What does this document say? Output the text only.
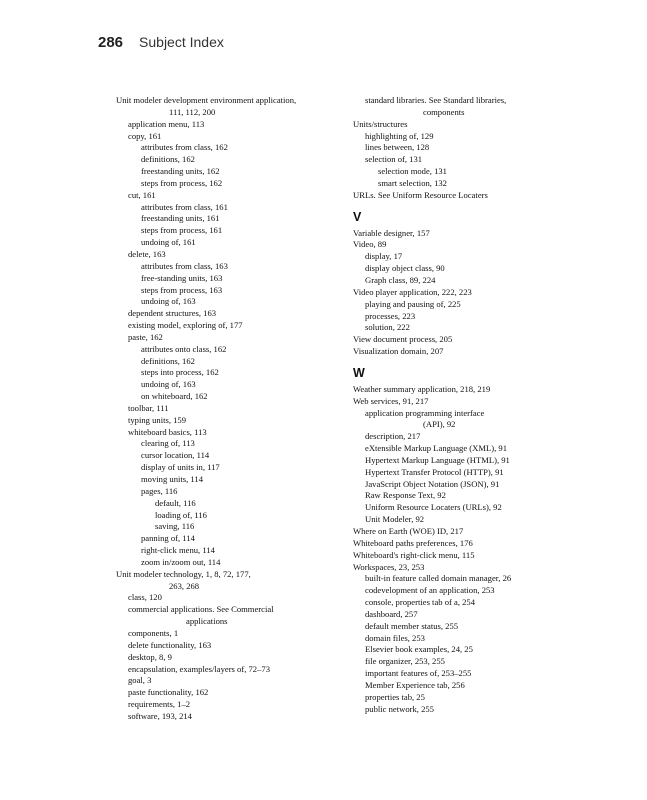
286 Subject Index

Unit modeler development environment application,

111, 112, 200

application menu, 113

copy, 161

attributes from class, 162

definitions, 162

freestanding units, 162

steps from process, 162

cut, 161

attributes from class, 161

freestanding units, 161

steps from process, 161

undoing of, 161

delete, 163

attributes from class, 163

free-standing units, 163

steps from process, 163

undoing of, 163

dependent structures, 163

existing model, exploring of, 177

paste, 162

attributes onto class, 162

definitions, 162

steps into process, 162

undoing of, 163

on whiteboard, 162

toolbar, 111

typing units, 159

whiteboard basics, 113

clearing of, 113

cursor location, 114

display of units in, 117

moving units, 114

pages, 116

default, 116

loading of, 116

saving, 116

panning of, 114

right-click menu, 114

zoom in/zoom out, 114

Unit modeler technology, 1, 8, 72, 177,

263, 268

class, 120

commercial applications. See Commercial

applications

components, 1

delete functionality, 163

desktop, 8, 9

encapsulation, examples/layers of, 72–73

goal, 3

paste functionality, 162

requirements, 1–2

software, 193, 214

standard libraries. See Standard libraries,

components

Units/structures

highlighting of, 129

lines between, 128

selection of, 131

selection mode, 131

smart selection, 132

URLs. See Uniform Resource Locaters

V

Variable designer, 157

Video, 89

display, 17

display object class, 90

Graph class, 89, 224

Video player application, 222, 223

playing and pausing of, 225

processes, 223

solution, 222

View document process, 205

Visualization domain, 207

W

Weather summary application, 218, 219

Web services, 91, 217

application programming interface

(API), 92

description, 217

eXtensible Markup Language (XML), 91

Hypertext Markup Language (HTML), 91

Hypertext Transfer Protocol (HTTP), 91

JavaScript Object Notation (JSON), 91

Raw Response Text, 92

Uniform Resource Locaters (URLs), 92

Unit Modeler, 92

Where on Earth (WOE) ID, 217

Whiteboard paths preferences, 176

Whiteboard's right-click menu, 115

Workspaces, 23, 253

built-in feature called domain manager, 26

codevelopment of an application, 253

console, properties tab of a, 254

dashboard, 257

default member status, 255

domain files, 253

Elsevier book examples, 24, 25

file organizer, 253, 255

important features of, 253–255

Member Experience tab, 256

properties tab, 25

public network, 255
